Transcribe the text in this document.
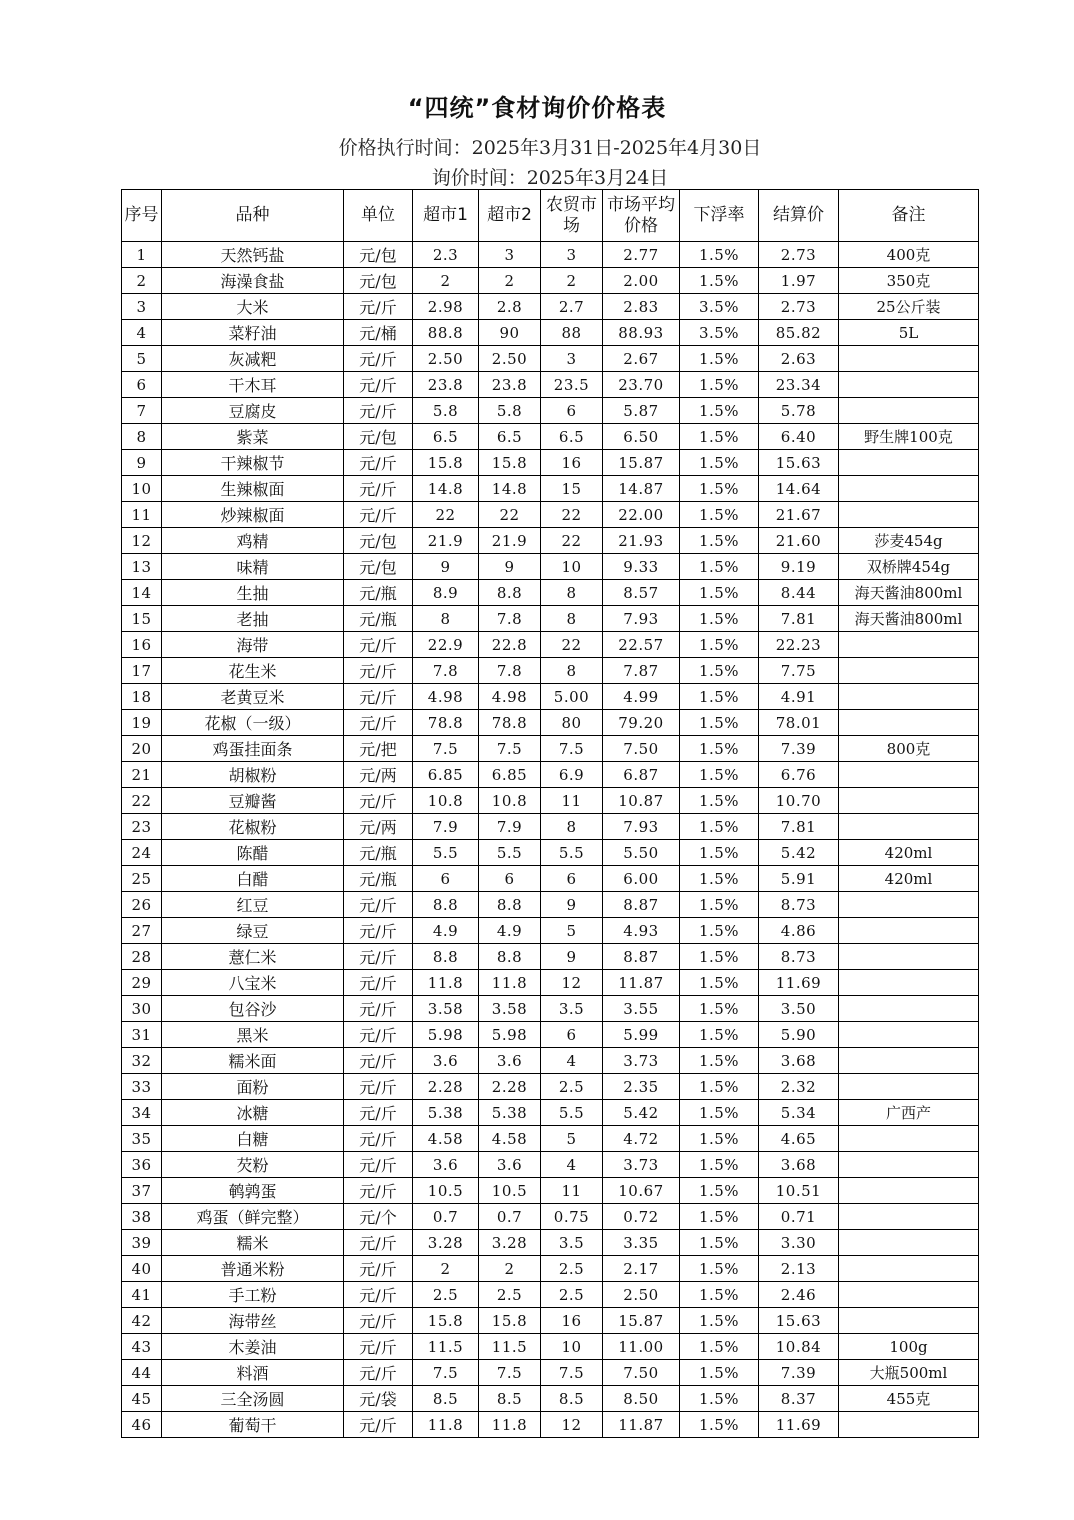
“四统”食材询价价格表
价格执行时间：2025年3月31日-2025年4月30日
询价时间：2025年3月24日
序号	品种	单位	超市1	超市2	农贸市场	市场平均价格	下浮率	结算价	备注
1	天然钙盐	元/包	2.3	3	3	2.77	1.5%	2.73	400克
2	海澡食盐	元/包	2	2	2	2.00	1.5%	1.97	350克
3	大米	元/斤	2.98	2.8	2.7	2.83	3.5%	2.73	25公斤装
4	菜籽油	元/桶	88.8	90	88	88.93	3.5%	85.82	5L
5	灰减粑	元/斤	2.50	2.50	3	2.67	1.5%	2.63	
6	干木耳	元/斤	23.8	23.8	23.5	23.70	1.5%	23.34	
7	豆腐皮	元/斤	5.8	5.8	6	5.87	1.5%	5.78	
8	紫菜	元/包	6.5	6.5	6.5	6.50	1.5%	6.40	野生牌100克
9	干辣椒节	元/斤	15.8	15.8	16	15.87	1.5%	15.63	
10	生辣椒面	元/斤	14.8	14.8	15	14.87	1.5%	14.64	
11	炒辣椒面	元/斤	22	22	22	22.00	1.5%	21.67	
12	鸡精	元/包	21.9	21.9	22	21.93	1.5%	21.60	莎麦454g
13	味精	元/包	9	9	10	9.33	1.5%	9.19	双桥牌454g
14	生抽	元/瓶	8.9	8.8	8	8.57	1.5%	8.44	海天酱油800ml
15	老抽	元/瓶	8	7.8	8	7.93	1.5%	7.81	海天酱油800ml
16	海带	元/斤	22.9	22.8	22	22.57	1.5%	22.23	
17	花生米	元/斤	7.8	7.8	8	7.87	1.5%	7.75	
18	老黄豆米	元/斤	4.98	4.98	5.00	4.99	1.5%	4.91	
19	花椒（一级）	元/斤	78.8	78.8	80	79.20	1.5%	78.01	
20	鸡蛋挂面条	元/把	7.5	7.5	7.5	7.50	1.5%	7.39	800克
21	胡椒粉	元/两	6.85	6.85	6.9	6.87	1.5%	6.76	
22	豆瓣酱	元/斤	10.8	10.8	11	10.87	1.5%	10.70	
23	花椒粉	元/两	7.9	7.9	8	7.93	1.5%	7.81	
24	陈醋	元/瓶	5.5	5.5	5.5	5.50	1.5%	5.42	420ml
25	白醋	元/瓶	6	6	6	6.00	1.5%	5.91	420ml
26	红豆	元/斤	8.8	8.8	9	8.87	1.5%	8.73	
27	绿豆	元/斤	4.9	4.9	5	4.93	1.5%	4.86	
28	薏仁米	元/斤	8.8	8.8	9	8.87	1.5%	8.73	
29	八宝米	元/斤	11.8	11.8	12	11.87	1.5%	11.69	
30	包谷沙	元/斤	3.58	3.58	3.5	3.55	1.5%	3.50	
31	黑米	元/斤	5.98	5.98	6	5.99	1.5%	5.90	
32	糯米面	元/斤	3.6	3.6	4	3.73	1.5%	3.68	
33	面粉	元/斤	2.28	2.28	2.5	2.35	1.5%	2.32	
34	冰糖	元/斤	5.38	5.38	5.5	5.42	1.5%	5.34	广西产
35	白糖	元/斤	4.58	4.58	5	4.72	1.5%	4.65	
36	芡粉	元/斤	3.6	3.6	4	3.73	1.5%	3.68	
37	鹌鹑蛋	元/斤	10.5	10.5	11	10.67	1.5%	10.51	
38	鸡蛋（鲜完整）	元/个	0.7	0.7	0.75	0.72	1.5%	0.71	
39	糯米	元/斤	3.28	3.28	3.5	3.35	1.5%	3.30	
40	普通米粉	元/斤	2	2	2.5	2.17	1.5%	2.13	
41	手工粉	元/斤	2.5	2.5	2.5	2.50	1.5%	2.46	
42	海带丝	元/斤	15.8	15.8	16	15.87	1.5%	15.63	
43	木姜油	元/斤	11.5	11.5	10	11.00	1.5%	10.84	100g
44	料酒	元/斤	7.5	7.5	7.5	7.50	1.5%	7.39	大瓶500ml
45	三全汤圆	元/袋	8.5	8.5	8.5	8.50	1.5%	8.37	455克
46	葡萄干	元/斤	11.8	11.8	12	11.87	1.5%	11.69	
